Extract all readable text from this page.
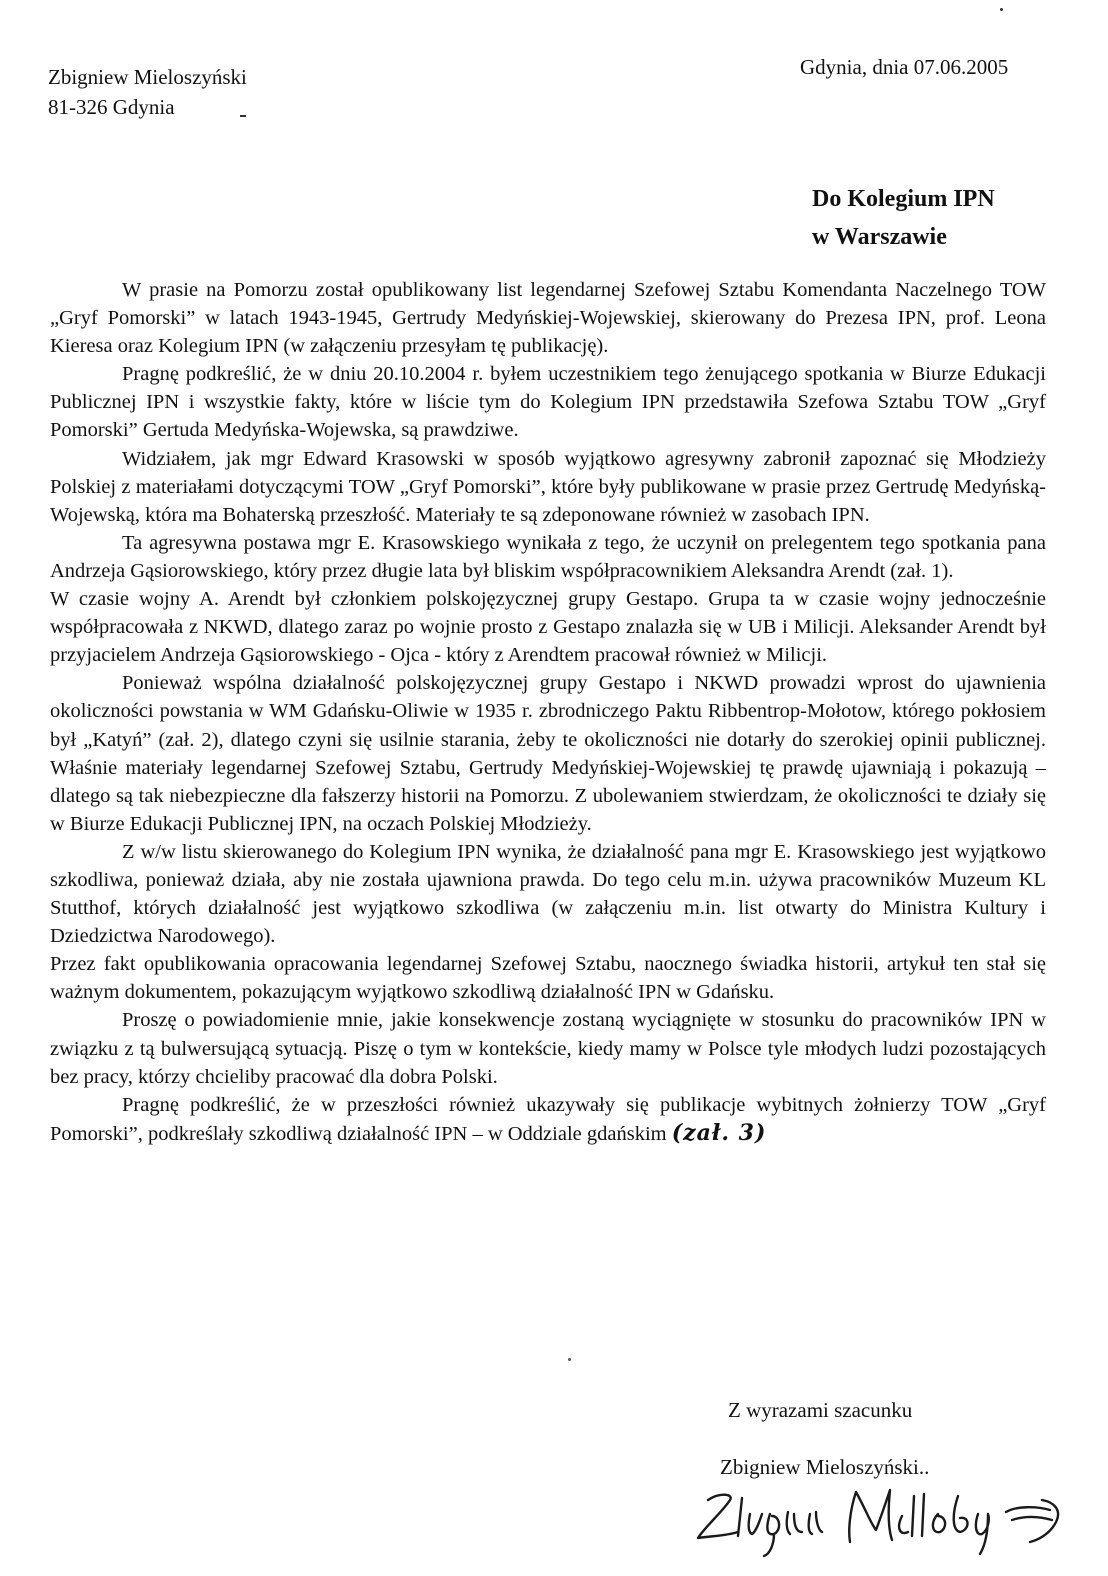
Zbigniew Mieloszyński
81-326 Gdynia
Gdynia, dnia 07.06.2005
Do Kolegium IPN
w Warszawie

W prasie na Pomorzu został opublikowany list legendarnej Szefowej Sztabu Komendanta Naczelnego TOW „Gryf Pomorski” w latach 1943-1945, Gertrudy Medyńskiej-Wojewskiej, skierowany do Prezesa IPN, prof. Leona Kieresa oraz Kolegium IPN (w załączeniu przesyłam tę publikację).

Pragnę podkreślić, że w dniu 20.10.2004 r. byłem uczestnikiem tego żenującego spotkania w Biurze Edukacji Publicznej IPN i wszystkie fakty, które w liście tym do Kolegium IPN przedstawiła Szefowa Sztabu TOW „Gryf Pomorski” Gertuda Medyńska-Wojewska, są prawdziwe.

Widziałem, jak mgr Edward Krasowski w sposób wyjątkowo agresywny zabronił zapoznać się Młodzieży Polskiej z materiałami dotyczącymi TOW „Gryf Pomorski”, które były publikowane w prasie przez Gertrudę Medyńską-Wojewską, która ma Bohaterską przeszłość. Materiały te są zdeponowane również w zasobach IPN.

Ta agresywna postawa mgr E. Krasowskiego wynikała z tego, że uczynił on prelegentem tego spotkania pana Andrzeja Gąsiorowskiego, który przez długie lata był bliskim współpracownikiem Aleksandra Arendt (zał. 1).

W czasie wojny A. Arendt był członkiem polskojęzycznej grupy Gestapo. Grupa ta w czasie wojny jednocześnie współpracowała z NKWD, dlatego zaraz po wojnie prosto z Gestapo znalazła się w UB i Milicji. Aleksander Arendt był przyjacielem Andrzeja Gąsiorowskiego - Ojca - który z Arendtem pracował również w Milicji.

Ponieważ wspólna działalność polskojęzycznej grupy Gestapo i NKWD prowadzi wprost do ujawnienia okoliczności powstania w WM Gdańsku-Oliwie w 1935 r. zbrodniczego Paktu Ribbentrop-Mołotow, którego pokłosiem był „Katyń” (zał. 2), dlatego czyni się usilnie starania, żeby te okoliczności nie dotarły do szerokiej opinii publicznej. Właśnie materiały legendarnej Szefowej Sztabu, Gertrudy Medyńskiej-Wojewskiej tę prawdę ujawniają i pokazują – dlatego są tak niebezpieczne dla fałszerzy historii na Pomorzu. Z ubolewaniem stwierdzam, że okoliczności te działy się w Biurze Edukacji Publicznej IPN, na oczach Polskiej Młodzieży.

Z w/w listu skierowanego do Kolegium IPN wynika, że działalność pana mgr E. Krasowskiego jest wyjątkowo szkodliwa, ponieważ działa, aby nie została ujawniona prawda. Do tego celu m.in. używa pracowników Muzeum KL Stutthof, których działalność jest wyjątkowo szkodliwa (w załączeniu m.in. list otwarty do Ministra Kultury i Dziedzictwa Narodowego).

Przez fakt opublikowania opracowania legendarnej Szefowej Sztabu, naocznego świadka historii, artykuł ten stał się ważnym dokumentem, pokazującym wyjątkowo szkodliwą działalność IPN w Gdańsku.

Proszę o powiadomienie mnie, jakie konsekwencje zostaną wyciągnięte w stosunku do pracowników IPN w związku z tą bulwersującą sytuacją. Piszę o tym w kontekście, kiedy mamy w Polsce tyle młodych ludzi pozostających bez pracy, którzy chcieliby pracować dla dobra Polski.

Pragnę podkreślić, że w przeszłości również ukazywały się publikacje wybitnych żołnierzy TOW „Gryf Pomorski”, podkreślały szkodliwą działalność IPN – w Oddziale gdańskim (zał. 3)

Z wyrazami szacunku
Zbigniew Mieloszyński..
